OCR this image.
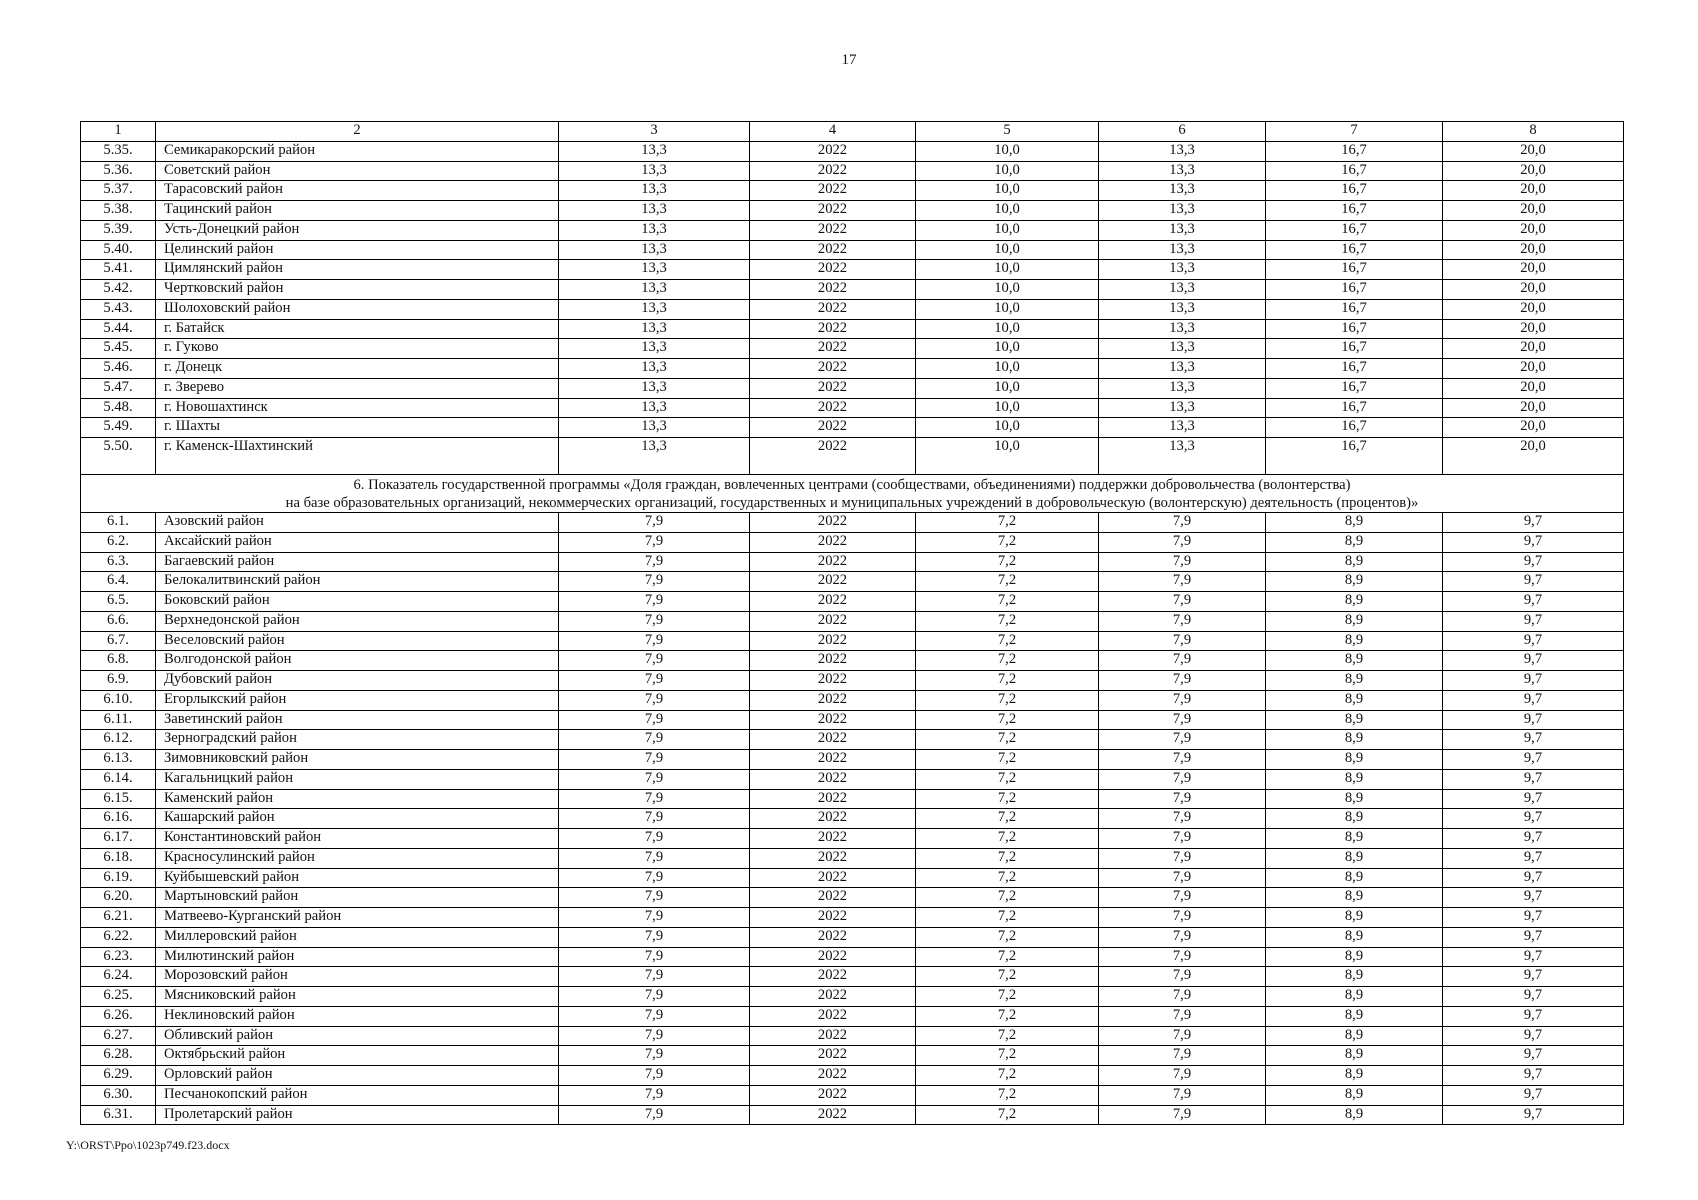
17
1	2	3	4	5	6	7	8
5.35.	Семикаракорский район	13,3	2022	10,0	13,3	16,7	20,0
5.36.	Советский район	13,3	2022	10,0	13,3	16,7	20,0
5.37.	Тарасовский район	13,3	2022	10,0	13,3	16,7	20,0
5.38.	Тацинский район	13,3	2022	10,0	13,3	16,7	20,0
5.39.	Усть-Донецкий район	13,3	2022	10,0	13,3	16,7	20,0
5.40.	Целинский район	13,3	2022	10,0	13,3	16,7	20,0
5.41.	Цимлянский район	13,3	2022	10,0	13,3	16,7	20,0
5.42.	Чертковский район	13,3	2022	10,0	13,3	16,7	20,0
5.43.	Шолоховский район	13,3	2022	10,0	13,3	16,7	20,0
5.44.	г. Батайск	13,3	2022	10,0	13,3	16,7	20,0
5.45.	г. Гуково	13,3	2022	10,0	13,3	16,7	20,0
5.46.	г. Донецк	13,3	2022	10,0	13,3	16,7	20,0
5.47.	г. Зверево	13,3	2022	10,0	13,3	16,7	20,0
5.48.	г. Новошахтинск	13,3	2022	10,0	13,3	16,7	20,0
5.49.	г. Шахты	13,3	2022	10,0	13,3	16,7	20,0
5.50.	г. Каменск-Шахтинский	13,3	2022	10,0	13,3	16,7	20,0
6. Показатель государственной программы «Доля граждан, вовлеченных центрами (сообществами, объединениями) поддержки добровольчества (волонтерства)
на базе образовательных организаций, некоммерческих организаций, государственных и муниципальных учреждений в добровольческую (волонтерскую) деятельность (процентов)»							
6.1.	Азовский район	7,9	2022	7,2	7,9	8,9	9,7
6.2.	Аксайский район	7,9	2022	7,2	7,9	8,9	9,7
6.3.	Багаевский район	7,9	2022	7,2	7,9	8,9	9,7
6.4.	Белокалитвинский район	7,9	2022	7,2	7,9	8,9	9,7
6.5.	Боковский район	7,9	2022	7,2	7,9	8,9	9,7
6.6.	Верхнедонской район	7,9	2022	7,2	7,9	8,9	9,7
6.7.	Веселовский район	7,9	2022	7,2	7,9	8,9	9,7
6.8.	Волгодонской район	7,9	2022	7,2	7,9	8,9	9,7
6.9.	Дубовский район	7,9	2022	7,2	7,9	8,9	9,7
6.10.	Егорлыкский район	7,9	2022	7,2	7,9	8,9	9,7
6.11.	Заветинский район	7,9	2022	7,2	7,9	8,9	9,7
6.12.	Зерноградский район	7,9	2022	7,2	7,9	8,9	9,7
6.13.	Зимовниковский район	7,9	2022	7,2	7,9	8,9	9,7
6.14.	Кагальницкий район	7,9	2022	7,2	7,9	8,9	9,7
6.15.	Каменский район	7,9	2022	7,2	7,9	8,9	9,7
6.16.	Кашарский район	7,9	2022	7,2	7,9	8,9	9,7
6.17.	Константиновский район	7,9	2022	7,2	7,9	8,9	9,7
6.18.	Красносулинский район	7,9	2022	7,2	7,9	8,9	9,7
6.19.	Куйбышевский район	7,9	2022	7,2	7,9	8,9	9,7
6.20.	Мартыновский район	7,9	2022	7,2	7,9	8,9	9,7
6.21.	Матвеево-Курганский район	7,9	2022	7,2	7,9	8,9	9,7
6.22.	Миллеровский район	7,9	2022	7,2	7,9	8,9	9,7
6.23.	Милютинский район	7,9	2022	7,2	7,9	8,9	9,7
6.24.	Морозовский район	7,9	2022	7,2	7,9	8,9	9,7
6.25.	Мясниковский район	7,9	2022	7,2	7,9	8,9	9,7
6.26.	Неклиновский район	7,9	2022	7,2	7,9	8,9	9,7
6.27.	Обливский район	7,9	2022	7,2	7,9	8,9	9,7
6.28.	Октябрьский район	7,9	2022	7,2	7,9	8,9	9,7
6.29.	Орловский район	7,9	2022	7,2	7,9	8,9	9,7
6.30.	Песчанокопский район	7,9	2022	7,2	7,9	8,9	9,7
6.31.	Пролетарский район	7,9	2022	7,2	7,9	8,9	9,7
Y:\ORST\Ppo\1023p749.f23.docx
